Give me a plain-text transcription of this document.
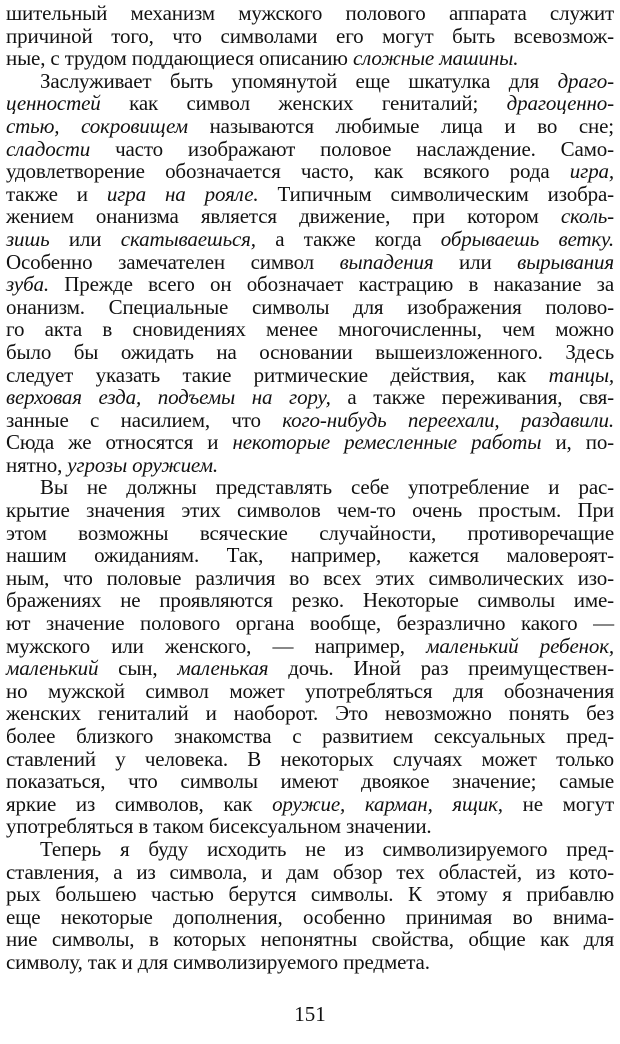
шительный механизм мужского полового аппарата служит
причиной того, что символами его могут быть всевозмож-
ные, с трудом поддающиеся описанию сложные машины.
Заслуживает быть упомянутой еще шкатулка для драго-
ценностей как символ женских гениталий; драгоценно-
стью, сокровищем называются любимые лица и во сне;
сладости часто изображают половое наслаждение. Само-
удовлетворение обозначается часто, как всякого рода игра,
также и игра на рояле. Типичным символическим изобра-
жением онанизма является движение, при котором сколь-
зишь или скатываешься, а также когда обрываешь ветку.
Особенно замечателен символ выпадения или вырывания
зуба. Прежде всего он обозначает кастрацию в наказание за
онанизм. Специальные символы для изображения полово-
го акта в сновидениях менее многочисленны, чем можно
было бы ожидать на основании вышеизложенного. Здесь
следует указать такие ритмические действия, как танцы,
верховая езда, подъемы на гору, а также переживания, свя-
занные с насилием, что кого-нибудь переехали, раздавили.
Сюда же относятся и некоторые ремесленные работы и, по-
нятно, угрозы оружием.
Вы не должны представлять себе употребление и рас-
крытие значения этих символов чем-то очень простым. При
этом возможны всяческие случайности, противоречащие
нашим ожиданиям. Так, например, кажется маловероят-
ным, что половые различия во всех этих символических изо-
бражениях не проявляются резко. Некоторые символы име-
ют значение полового органа вообще, безразлично какого —
мужского или женского, — например, маленький ребенок,
маленький сын, маленькая дочь. Иной раз преимуществен-
но мужской символ может употребляться для обозначения
женских гениталий и наоборот. Это невозможно понять без
более близкого знакомства с развитием сексуальных пред-
ставлений у человека. В некоторых случаях может только
показаться, что символы имеют двоякое значение; самые
яркие из символов, как оружие, карман, ящик, не могут
употребляться в таком бисексуальном значении.
Теперь я буду исходить не из символизируемого пред-
ставления, а из символа, и дам обзор тех областей, из кото-
рых большею частью берутся символы. К этому я прибавлю
еще некоторые дополнения, особенно принимая во внима-
ние символы, в которых непонятны свойства, общие как для
символу, так и для символизируемого предмета.
151
